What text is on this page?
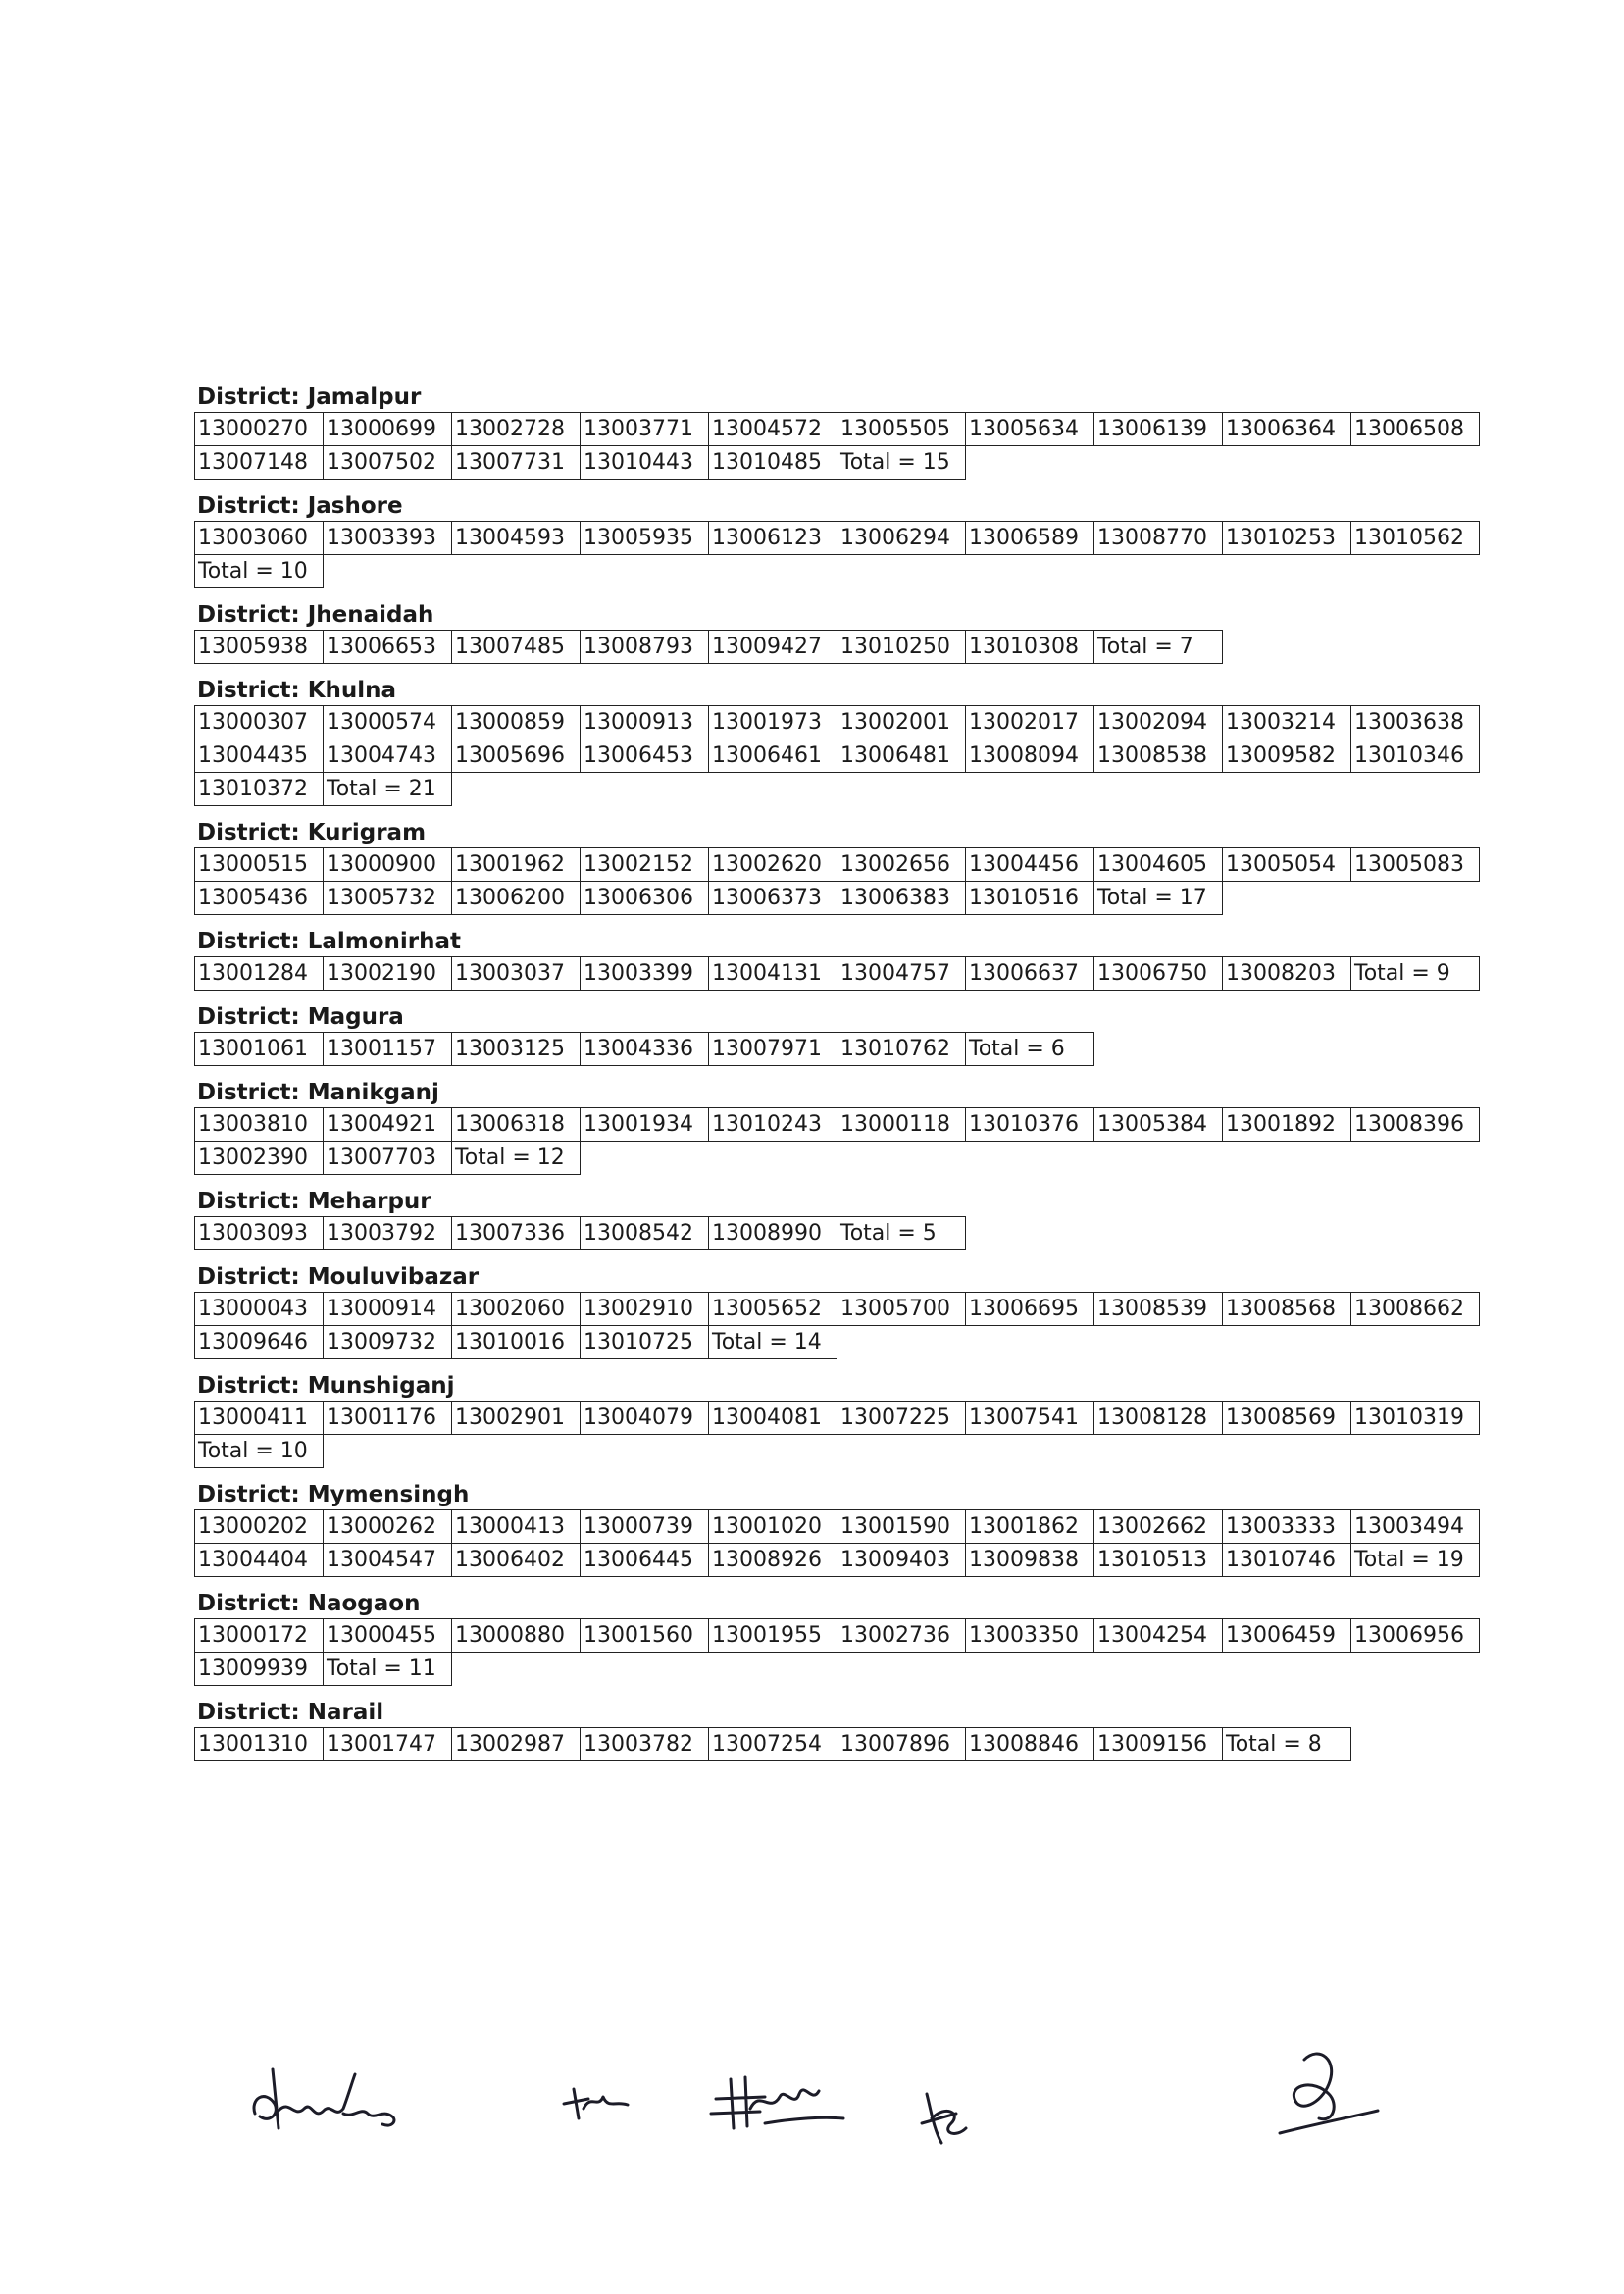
District: Jamalpur
13000270	13000699	13002728	13003771	13004572	13005505	13005634	13006139	13006364	13006508
13007148	13007502	13007731	13010443	13010485	Total = 15				
District: Jashore
13003060	13003393	13004593	13005935	13006123	13006294	13006589	13008770	13010253	13010562
Total = 10
District: Jhenaidah
13005938	13006653	13007485	13008793	13009427	13010250	13010308	Total = 7
District: Khulna
13000307	13000574	13000859	13000913	13001973	13002001	13002017	13002094	13003214	13003638
13004435	13004743	13005696	13006453	13006461	13006481	13008094	13008538	13009582	13010346
13010372	Total = 21								
District: Kurigram
13000515	13000900	13001962	13002152	13002620	13002656	13004456	13004605	13005054	13005083
13005436	13005732	13006200	13006306	13006373	13006383	13010516	Total = 17		
District: Lalmonirhat
13001284	13002190	13003037	13003399	13004131	13004757	13006637	13006750	13008203	Total = 9
District: Magura
13001061	13001157	13003125	13004336	13007971	13010762	Total = 6
District: Manikganj
13003810	13004921	13006318	13001934	13010243	13000118	13010376	13005384	13001892	13008396
13002390	13007703	Total = 12							
District: Meharpur
13003093	13003792	13007336	13008542	13008990	Total = 5
District: Mouluvibazar
13000043	13000914	13002060	13002910	13005652	13005700	13006695	13008539	13008568	13008662
13009646	13009732	13010016	13010725	Total = 14					
District: Munshiganj
13000411	13001176	13002901	13004079	13004081	13007225	13007541	13008128	13008569	13010319
Total = 10
District: Mymensingh
13000202	13000262	13000413	13000739	13001020	13001590	13001862	13002662	13003333	13003494
13004404	13004547	13006402	13006445	13008926	13009403	13009838	13010513	13010746	Total = 19
District: Naogaon
13000172	13000455	13000880	13001560	13001955	13002736	13003350	13004254	13006459	13006956
13009939	Total = 11								
District: Narail
13001310	13001747	13002987	13003782	13007254	13007896	13008846	13009156	Total = 8
